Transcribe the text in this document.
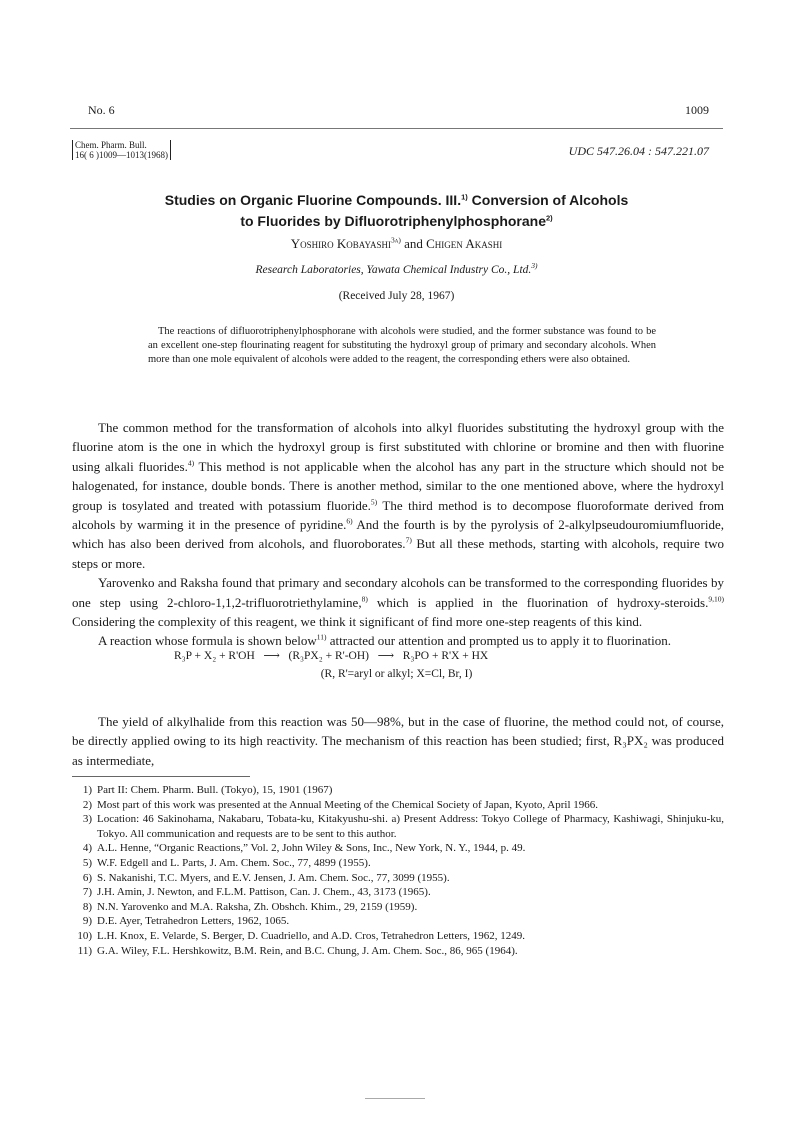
No. 6	1009
Chem. Pharm. Bull.
16( 6 )1009—1013(1968)	UDC 547.26.04 : 547.221.07
Studies on Organic Fluorine Compounds. III.$^{1)}$ Conversion of Alcohols
to Fluorides by Difluorotriphenylphosphorane$^{2)}$
Yoshiro Kobayashi$^{3a)}$ and Chigen Akashi
Research Laboratories, Yawata Chemical Industry Co., Ltd.$^{3)}$
(Received July 28, 1967)
The reactions of difluorotriphenylphosphorane with alcohols were studied, and the former substance was found to be an excellent one-step flourinating reagent for substituting the hydroxyl group of primary and secondary alcohols. When more than one mole equivalent of alcohols were added to the reagent, the corresponding ethers were also obtained.

The common method for the transformation of alcohols into alkyl fluorides substituting the hydroxyl group with the fluorine atom is the one in which the hydroxyl group is first substituted with chlorine or bromine and then with fluorine using alkali fluorides.$^{4)}$ This method is not applicable when the alcohol has any part in the structure which should not be halogenated, for instance, double bonds. There is another method, similar to the one mentioned above, where the hydroxyl group is tosylated and treated with potassium fluoride.$^{5)}$ The third method is to decompose fluoroformate derived from alcohols by warming it in the presence of pyridine.$^{6)}$ And the fourth is by the pyrolysis of 2-alkylpseudouromiumfluoride, which has also been derived from alcohols, and fluoroborates.$^{7)}$ But all these methods, starting with alcohols, require two steps or more.

Yarovenko and Raksha found that primary and secondary alcohols can be transformed to the corresponding fluorides by one step using 2-chloro-1,1,2-trifluorotriethylamine,$^{8)}$ which is applied in the fluorination of hydroxy-steroids.$^{9,10)}$ Considering the complexity of this reagent, we think it significant of find more one-step reagents of this kind.

A reaction whose formula is shown below$^{11)}$ attracted our attention and prompted us to apply it to fluorination.

R₃P + X₂ + R'OH   ⟶   (R₃PX₂ + R'-OH)   ⟶   R₃PO + R'X + HX
(R, R'=aryl or alkyl; X=Cl, Br, I)

The yield of alkylhalide from this reaction was 50—98%, but in the case of fluorine, the method could not, of course, be directly applied owing to its high reactivity. The mechanism of this reaction has been studied; first, R₃PX₂ was produced as intermediate,

1) Part II: Chem. Pharm. Bull. (Tokyo), 15, 1901 (1967)
2) Most part of this work was presented at the Annual Meeting of the Chemical Society of Japan, Kyoto, April 1966.
3) Location: 46 Sakinohama, Nakabaru, Tobata-ku, Kitakyushu-shi. a) Present Address: Tokyo College of Pharmacy, Kashiwagi, Shinjuku-ku, Tokyo. All communication and requests are to be sent to this author.
4) A.L. Henne, “Organic Reactions,” Vol. 2, John Wiley & Sons, Inc., New York, N. Y., 1944, p. 49.
5) W.F. Edgell and L. Parts, J. Am. Chem. Soc., 77, 4899 (1955).
6) S. Nakanishi, T.C. Myers, and E.V. Jensen, J. Am. Chem. Soc., 77, 3099 (1955).
7) J.H. Amin, J. Newton, and F.L.M. Pattison, Can. J. Chem., 43, 3173 (1965).
8) N.N. Yarovenko and M.A. Raksha, Zh. Obshch. Khim., 29, 2159 (1959).
9) D.E. Ayer, Tetrahedron Letters, 1962, 1065.
10) L.H. Knox, E. Velarde, S. Berger, D. Cuadriello, and A.D. Cros, Tetrahedron Letters, 1962, 1249.
11) G.A. Wiley, F.L. Hershkowitz, B.M. Rein, and B.C. Chung, J. Am. Chem. Soc., 86, 965 (1964).
